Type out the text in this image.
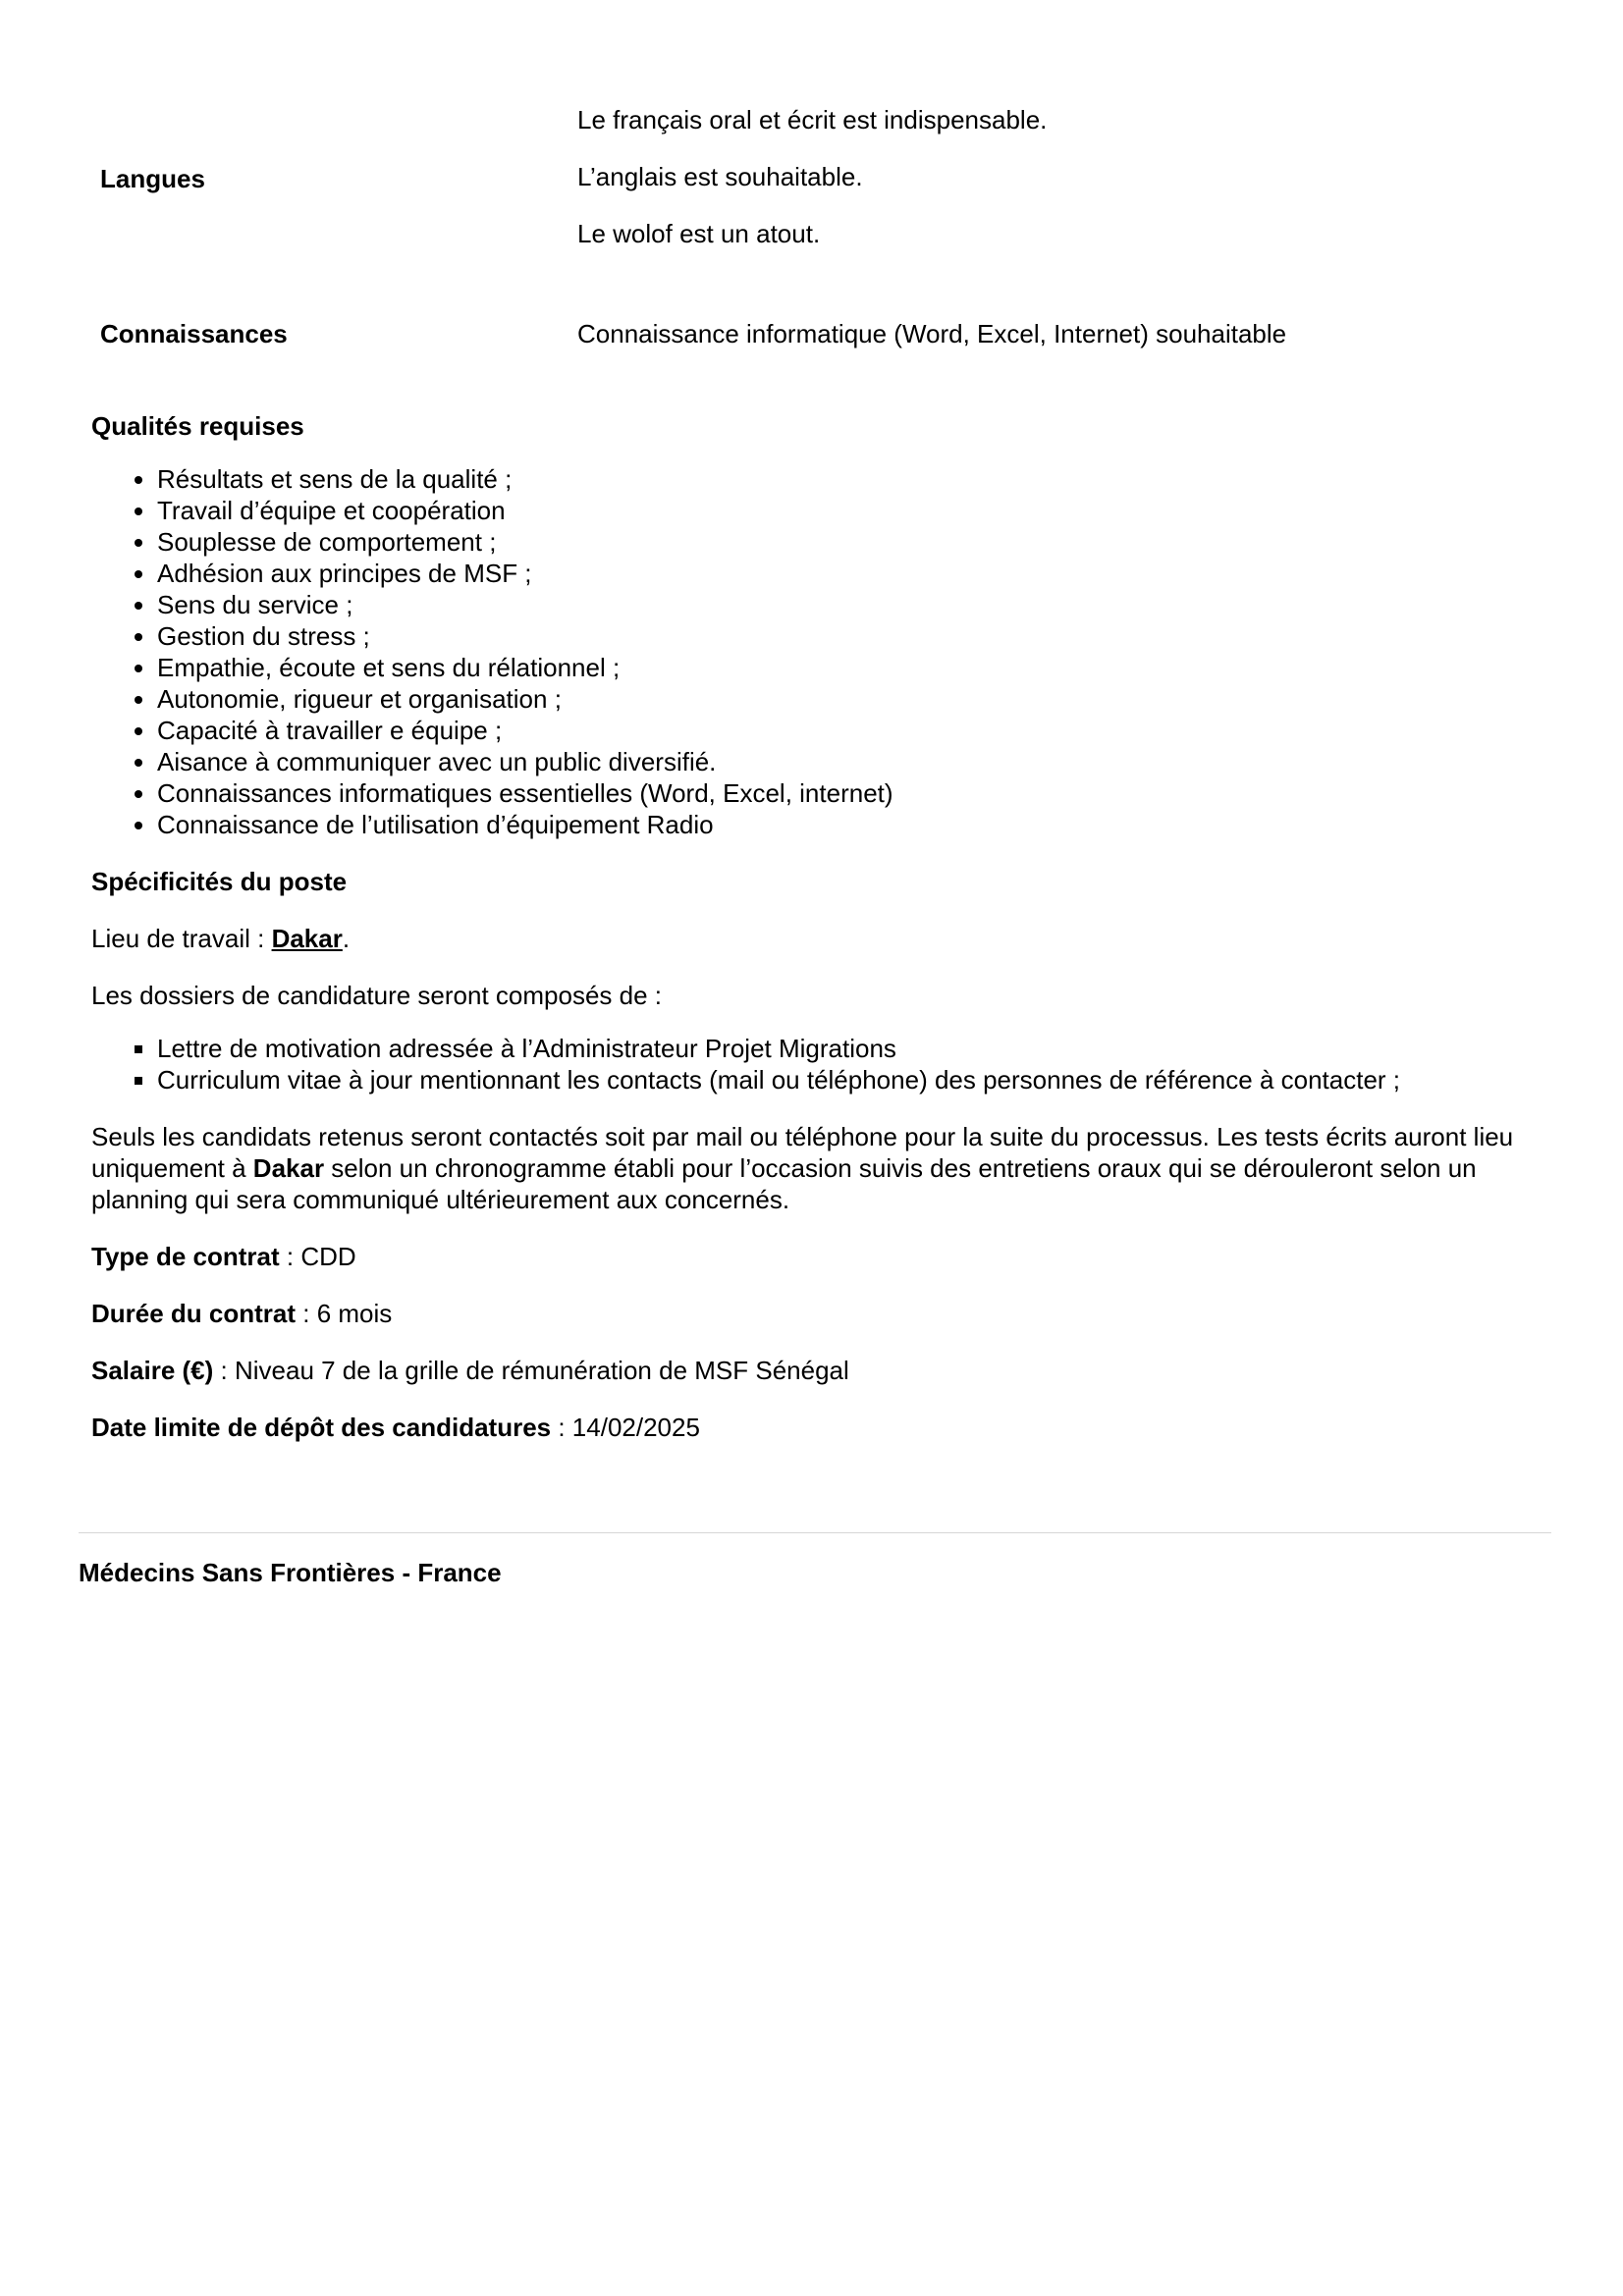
Langues

Le français oral et écrit est indispensable.

L’anglais est souhaitable.

Le wolof est un atout.

Connaissances	Connaissance informatique (Word, Excel, Internet) souhaitable
Qualités requises
• Résultats et sens de la qualité ;
• Travail d’équipe et coopération
• Souplesse de comportement ;
• Adhésion aux principes de MSF ;
• Sens du service ;
• Gestion du stress ;
• Empathie, écoute et sens du rélationnel ;
• Autonomie, rigueur et organisation ;
• Capacité à travailler e équipe ;
• Aisance à communiquer avec un public diversifié.
• Connaissances informatiques essentielles (Word, Excel, internet)
• Connaissance de l’utilisation d’équipement Radio
Spécificités du poste

Lieu de travail : Dakar.

Les dossiers de candidature seront composés de :

▪ Lettre de motivation adressée à l’Administrateur Projet Migrations
▪ Curriculum vitae à jour mentionnant les contacts (mail ou téléphone) des personnes de référence à contacter ;

Seuls les candidats retenus seront contactés soit par mail ou téléphone pour la suite du processus. Les tests écrits auront lieu uniquement à Dakar selon un chronogramme établi pour l’occasion suivis des entretiens oraux qui se dérouleront selon un planning qui sera communiqué ultérieurement aux concernés.

Type de contrat : CDD

Durée du contrat : 6 mois

Salaire (€) : Niveau 7 de la grille de rémunération de MSF Sénégal

Date limite de dépôt des candidatures : 14/02/2025

Médecins Sans Frontières - France
